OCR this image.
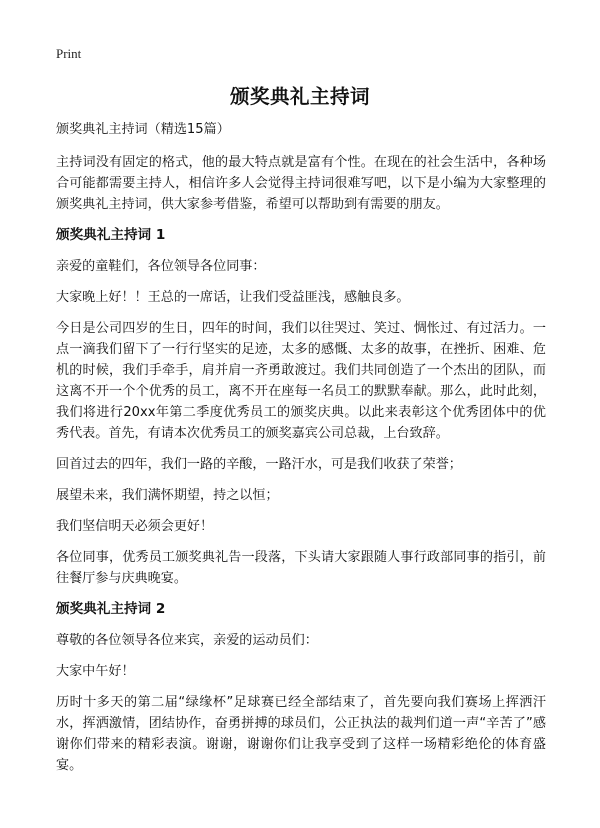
Print
颁奖典礼主持词

颁奖典礼主持词（精选15篇）

主持词没有固定的格式，他的最大特点就是富有个性。在现在的社会生活中，各种场合可能都需要主持人，相信许多人会觉得主持词很难写吧，以下是小编为大家整理的颁奖典礼主持词，供大家参考借鉴，希望可以帮助到有需要的朋友。

颁奖典礼主持词 1

亲爱的童鞋们，各位领导各位同事：

大家晚上好！！王总的一席话，让我们受益匪浅，感触良多。

今日是公司四岁的生日，四年的时间，我们以往哭过、笑过、惆怅过、有过活力。一点一滴我们留下了一行行坚实的足迹，太多的感慨、太多的故事，在挫折、困难、危机的时候，我们手牵手，肩并肩一齐勇敢渡过。我们共同创造了一个杰出的团队，而这离不开一个个优秀的员工，离不开在座每一名员工的默默奉献。那么，此时此刻，我们将进行20xx年第二季度优秀员工的颁奖庆典。以此来表彰这个优秀团体中的优秀代表。首先，有请本次优秀员工的颁奖嘉宾公司总裁，上台致辞。

回首过去的四年，我们一路的辛酸，一路汗水，可是我们收获了荣誉；

展望未来，我们满怀期望，持之以恒；

我们坚信明天必须会更好！

各位同事，优秀员工颁奖典礼告一段落，下头请大家跟随人事行政部同事的指引，前往餐厅参与庆典晚宴。

颁奖典礼主持词 2

尊敬的各位领导各位来宾，亲爱的运动员们：

大家中午好！

历时十多天的第二届“绿缘杯”足球赛已经全部结束了，首先要向我们赛场上挥洒汗水，挥洒激情，团结协作，奋勇拼搏的球员们，公正执法的裁判们道一声“辛苦了”感谢你们带来的精彩表演。谢谢，谢谢你们让我享受到了这样一场精彩绝伦的体育盛宴。
